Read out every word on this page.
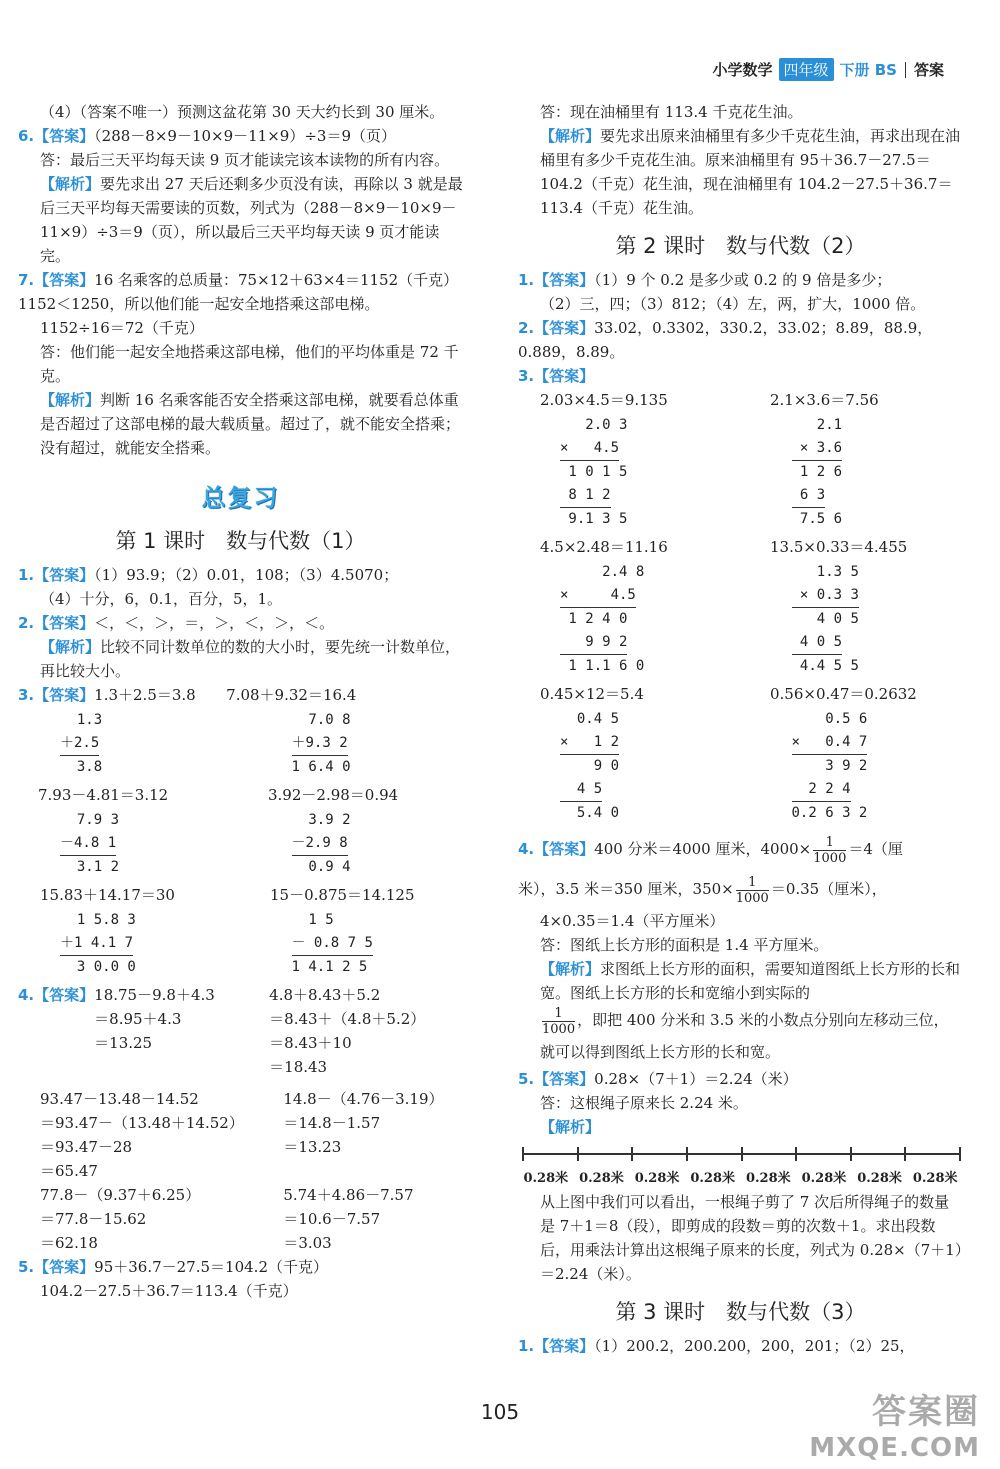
小学数学 四年级 下册 BS 答案

（4）（答案不唯一）预测这盆花第 30 天大约长到 30 厘米。

6.【答案】（288－8×9－10×9－11×9）÷3＝9（页）

答：最后三天平均每天读 9 页才能读完该本读物的所有内容。

【解析】要先求出 27 天后还剩多少页没有读，再除以 3 就是最后三天平均每天需要读的页数，列式为（288－8×9－10×9－11×9）÷3＝9（页），所以最后三天平均每天读 9 页才能读完。

7.【答案】16 名乘客的总质量：75×12＋63×4＝1152（千克）　1152＜1250，所以他们能一起安全地搭乘这部电梯。

1152÷16＝72（千克）

答：他们能一起安全地搭乘这部电梯，他们的平均体重是 72 千克。

【解析】判断 16 名乘客能否安全搭乘这部电梯，就要看总体重是否超过了这部电梯的最大载质量。超过了，就不能安全搭乘；没有超过，就能安全搭乘。

总复习
第 1 课时　数与代数（1）

1.【答案】（1）93.9；（2）0.01，108；（3）4.5070；

（4）十分，6，0.1，百分，5，1。

2.【答案】＜，＜，＞，＝，＞，＜，＞，＜。

【解析】比较不同计数单位的数的大小时，要先统一计数单位，再比较大小。

3. 【答案】 1.3＋2.5＝3.8	7.08＋9.32＝16.4

1.3
＋2.5
3.8
7.0 8
＋9.3 2
1 6.4 0

7.93－4.81＝3.12	3.92－2.98＝0.94

7.9 3
－4.8 1
3.1 2
3.9 2
－2.9 8
0.9 4

15.83＋14.17＝30	15－0.875＝14.125

1 5.8 3
＋1 4.1 7
3 0.0 0
1 5
－ 0.8 7 5
1 4.1 2 5
4. 【答案】 18.75－9.8＋4.3

＝8.95＋4.3

＝13.25

4.8＋8.43＋5.2

＝8.43＋（4.8＋5.2）

＝8.43＋10

＝18.43

93.47－13.48－14.52

＝93.47－（13.48＋14.52）

＝93.47－28

＝65.47

14.8－（4.76－3.19）

＝14.8－1.57

＝13.23

77.8－（9.37＋6.25）

＝77.8－15.62

＝62.18

5.74＋4.86－7.57

＝10.6－7.57

＝3.03

5.【答案】95＋36.7－27.5＝104.2（千克）

104.2－27.5＋36.7＝113.4（千克）

答：现在油桶里有 113.4 千克花生油。

【解析】要先求出原来油桶里有多少千克花生油，再求出现在油桶里有多少千克花生油。原来油桶里有 95＋36.7－27.5＝104.2（千克）花生油，现在油桶里有 104.2－27.5＋36.7＝113.4（千克）花生油。

第 2 课时　数与代数（2）

1.【答案】（1）9 个 0.2 是多少或 0.2 的 9 倍是多少；

（2）三，四；（3）812；（4）左，两，扩大，1000 倍。

2.【答案】33.02，0.3302，330.2，33.02；8.89，88.9，0.889，8.89。

3.【答案】

2.03×4.5＝9.135	2.1×3.6＝7.56

2.0 3
×   4.5
1 0 1 5
8 1 2
9.1 3 5
2.1
× 3.6
1 2 6
6 3
7.5 6

4.5×2.48＝11.16	13.5×0.33＝4.455

2.4 8
×     4.5
1 2 4 0
9 9 2
1 1.1 6 0
1.3 5
× 0.3 3
4 0 5
4 0 5
4.4 5 5

0.45×12＝5.4	0.56×0.47＝0.2632

0.4 5
×   1 2
9 0
4 5
5.4 0
0.5 6
×   0.4 7
3 9 2
2 2 4
0.2 6 3 2

4.【答案】400 分米＝4000 厘米，$4000\times \frac{1}{1000} =4$（厘

米），3.5 米＝350 厘米，$350\times \frac{1}{1000} =0.35$（厘米），

4×0.35＝1.4（平方厘米）

答：图纸上长方形的面积是 1.4 平方厘米。

【解析】求图纸上长方形的面积，需要知道图纸上长方形的长和宽。图纸上长方形的长和宽缩小到实际的

$\frac{1}{1000}$ ，即把 400 分米和 3.5 米的小数点分别向左移动三位，就可以得到图纸上长方形的长和宽。

5.【答案】0.28×（7＋1）＝2.24（米）

答：这根绳子原来长 2.24 米。

【解析】

0.28米 0.28米 0.28米 0.28米 0.28米 0.28米 0.28米 0.28米

从上图中我们可以看出，一根绳子剪了 7 次后所得绳子的数量是 7＋1＝8（段），即剪成的段数＝剪的次数＋1。求出段数后，用乘法计算出这根绳子原来的长度，列式为 0.28×（7＋1）＝2.24（米）。

第 3 课时　数与代数（3）

1.【答案】（1）200.2，200.200，200，201；（2）25，

105	答案圈
MXQE.COM
